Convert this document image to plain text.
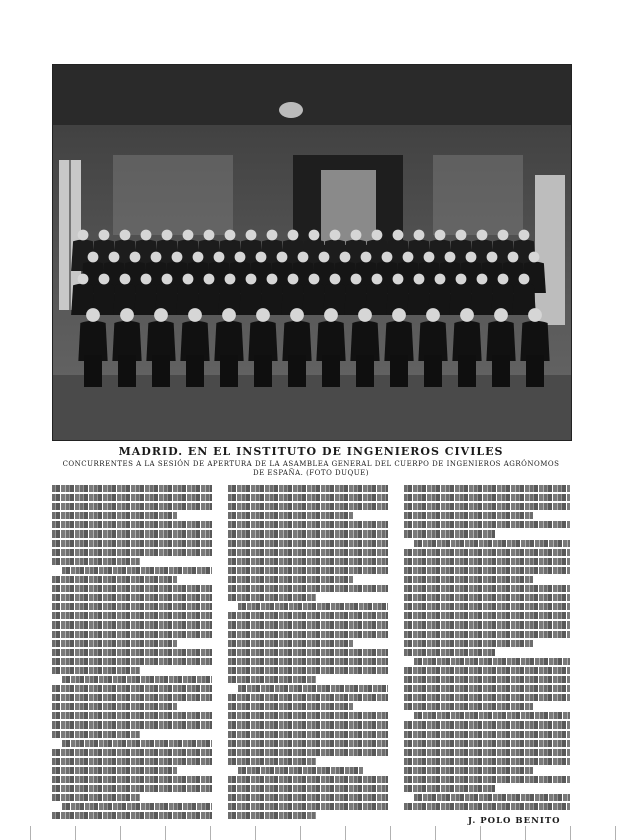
MADRID. EN EL INSTITUTO DE INGENIEROS CIVILES
CONCURRENTES A LA SESIÓN DE APERTURA DE LA ASAMBLEA GENERAL DEL CUERPO DE INGENIEROS AGRÓNOMOS DE ESPAÑA. (FOTO DUQUE)
J. POLO BENITO
